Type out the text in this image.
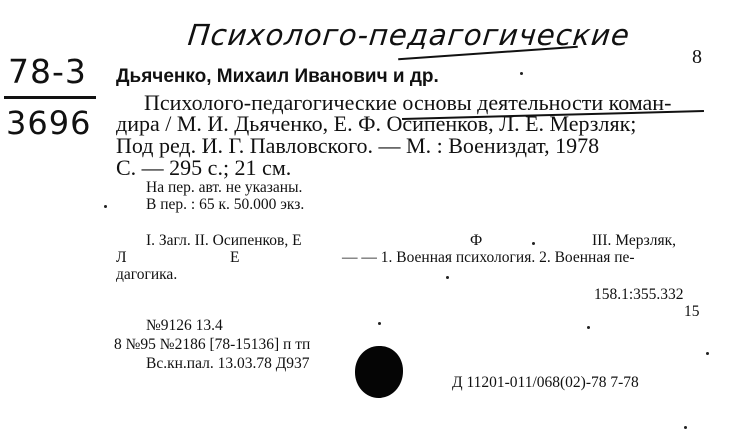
Психолого-педагогические
78-3
3696
8
Дьяченко, Михаил Иванович и др.
Психолого-педагогические основы деятельности коман-
дира / М. И. Дьяченко, Е. Ф. Осипенков, Л. Е. Мерзляк;
Под ред. И. Г. Павловского. — М. : Воениздат, 1978
С. — 295 с.; 21 см.
На пер. авт. не указаны.
В пер. : 65 к. 50.000 экз.
I. Загл. II. Осипенков, Е	Ф	III. Мерзляк,
Л	Е	— — 1. Военная психология. 2. Военная пе-
дагогика.
158.1:355.332
15
№9126 13.4
8 №95 №2186 [78-15136] п тп
Вс.кн.пал. 13.03.78 Д937
Д 11201-011/068(02)-78 7-78
